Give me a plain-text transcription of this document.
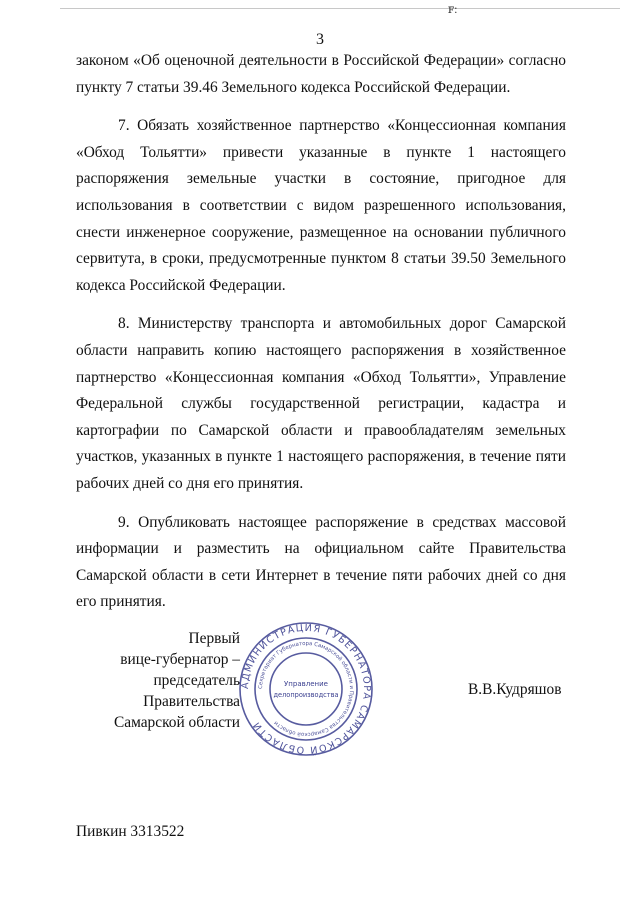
ꜰ:
3

законом «Об оценочной деятельности в Российской Федерации» согласно пункту 7 статьи 39.46 Земельного кодекса Российской Федерации.

7. Обязать хозяйственное партнерство «Концессионная компания «Обход Тольятти» привести указанные в пункте 1 настоящего распоряжения земельные участки в состояние, пригодное для использования в соответствии с видом разрешенного использования, снести инженерное сооружение, размещенное на основании публичного сервитута, в сроки, предусмотренные пунктом 8 статьи 39.50 Земельного кодекса Российской Федерации.

8. Министерству транспорта и автомобильных дорог Самарской области направить копию настоящего распоряжения в хозяйственное партнерство «Концессионная компания «Обход Тольятти», Управление Федеральной службы государственной регистрации, кадастра и картографии по Самарской области и правообладателям земельных участков, указанных в пункте 1 настоящего распоряжения, в течение пяти рабочих дней со дня его принятия.

9. Опубликовать настоящее распоряжение в средствах массовой информации и разместить на официальном сайте Правительства Самарской области в сети Интернет в течение пяти рабочих дней со дня его принятия.

Первый
вице-губернатор –
председатель Правительства
Самарской области
АДМИНИСТРАЦИЯ ГУБЕРНАТОРА САМАРСКОЙ ОБЛАСТИ
Секретариат Губернатора Самарской области и Правительства Самарской области
Управление
делопроизводства	В.В.Кудряшов
Пивкин 3313522
